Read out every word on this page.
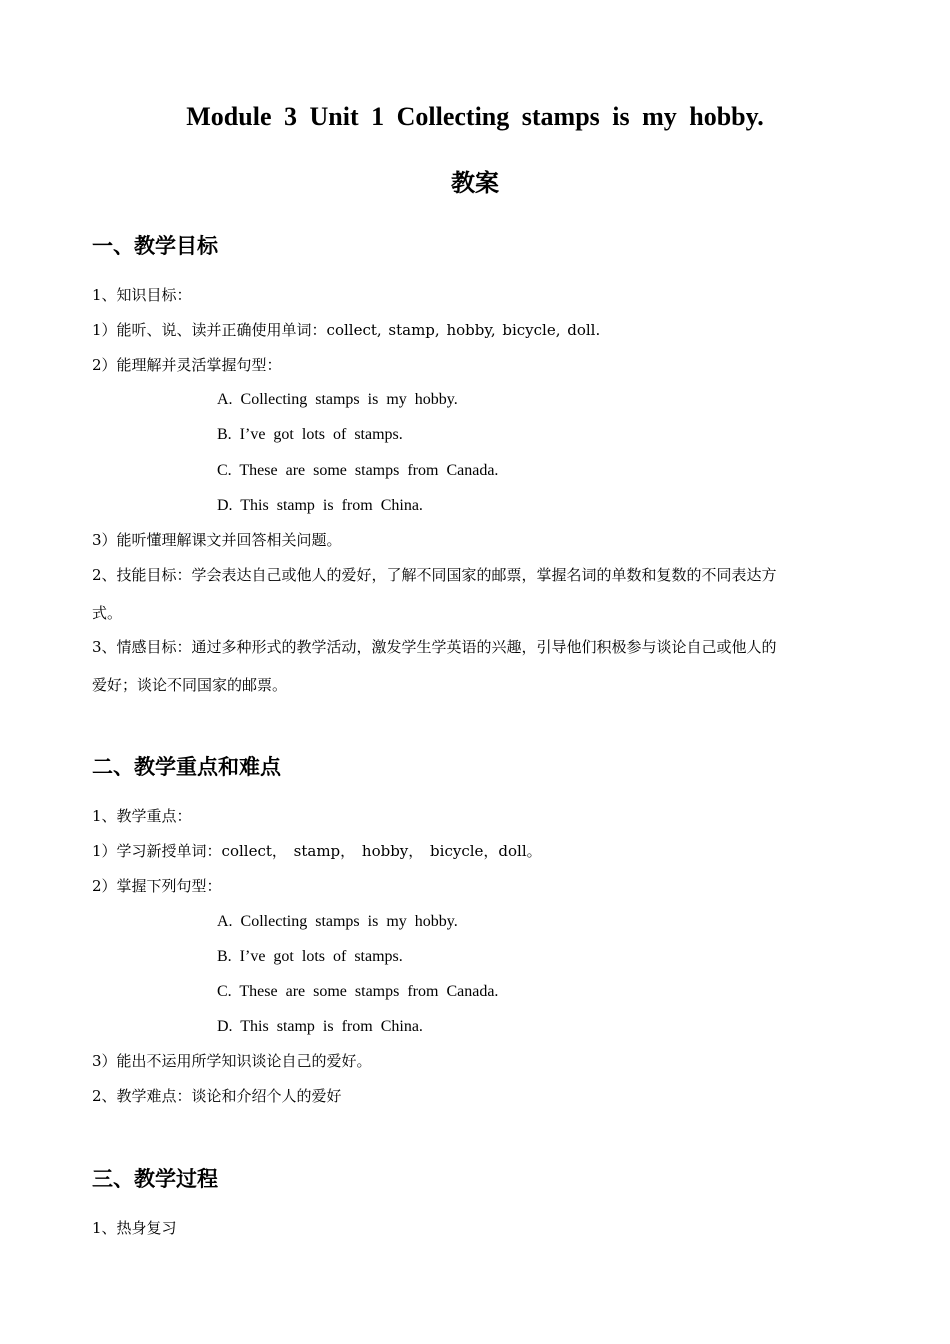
Module 3 Unit 1 Collecting stamps is my hobby.
教案
一、教学目标
1、知识目标：
1）能听、说、读并正确使用单词：collect, stamp, hobby, bicycle, doll.
2）能理解并灵活掌握句型：
A. Collecting stamps is my hobby.
B. I’ve got lots of stamps.
C. These are some stamps from Canada.
D. This stamp is from China.
3）能听懂理解课文并回答相关问题。
2、技能目标：学会表达自己或他人的爱好，了解不同国家的邮票，掌握名词的单数和复数的不同表达方
式。
3、情感目标：通过多种形式的教学活动，激发学生学英语的兴趣，引导他们积极参与谈论自己或他人的
爱好；谈论不同国家的邮票。
二、教学重点和难点
1、教学重点：
1）学习新授单词：collect， stamp， hobby， bicycle，doll。
2）掌握下列句型：
A. Collecting stamps is my hobby.
B. I’ve got lots of stamps.
C. These are some stamps from Canada.
D. This stamp is from China.
3）能出不运用所学知识谈论自己的爱好。
2、教学难点：谈论和介绍个人的爱好
三、教学过程
1、热身复习
